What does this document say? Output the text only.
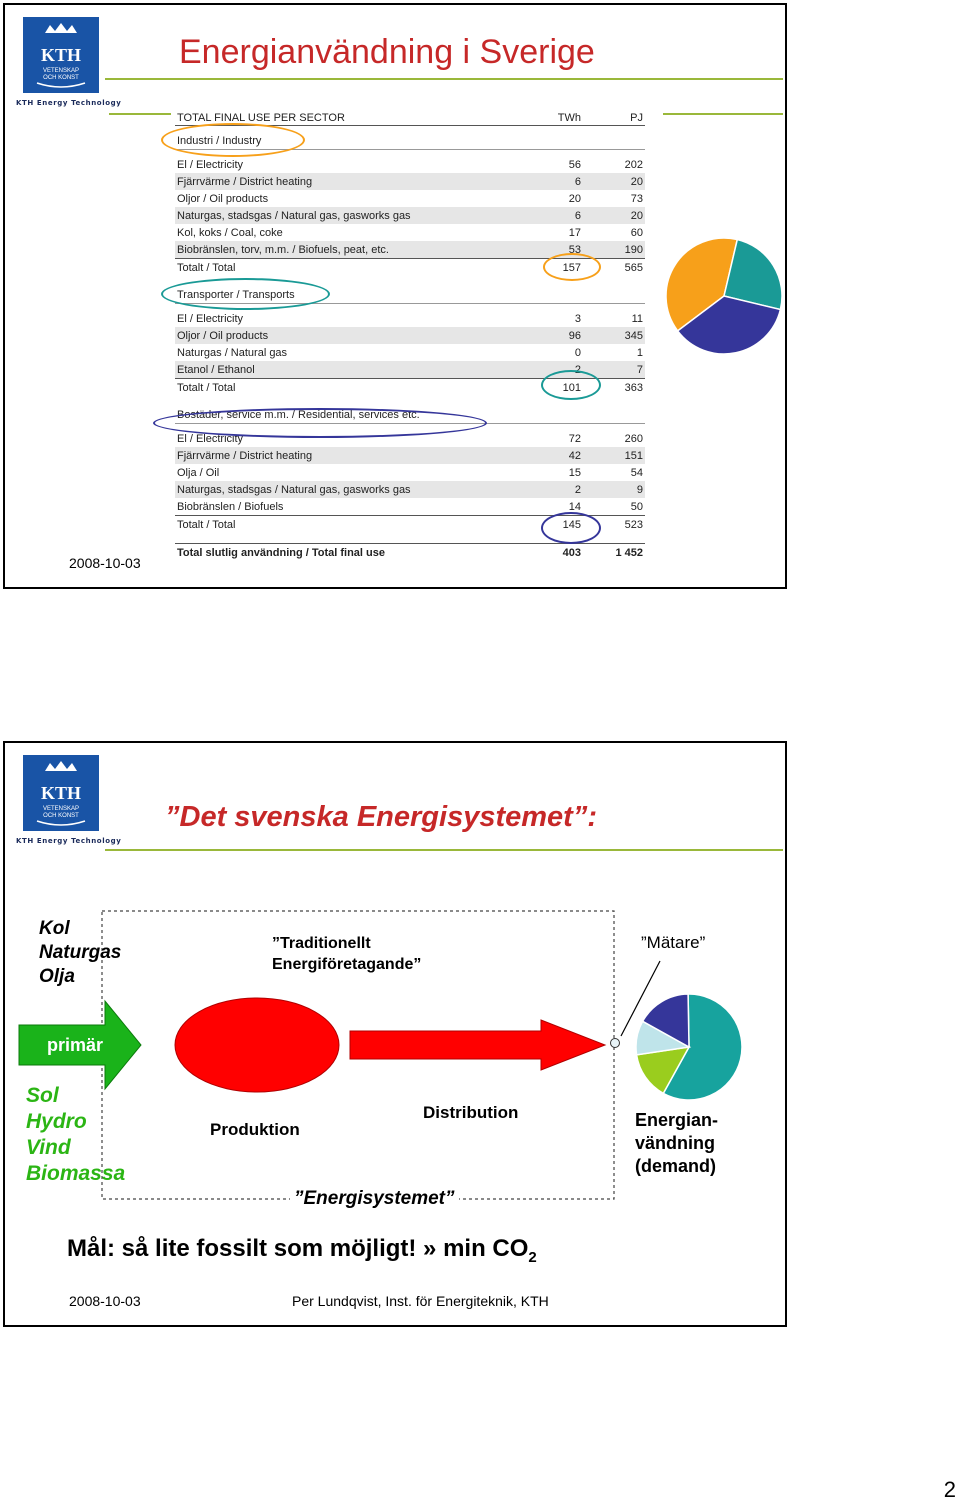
KTH
VETENSKAP
OCH KONST
KTH Energy Technology
Energianvändning i Sverige
TOTAL FINAL USE PER SECTOR	TWh	PJ

Industri / Industry		

El / Electricity	56	202
Fjärrvärme / District heating	6	20
Oljor / Oil products	20	73
Naturgas, stadsgas / Natural gas, gasworks gas	6	20
Kol, koks / Coal, coke	17	60
Biobränslen, torv, m.m. / Biofuels, peat, etc.	53	190
Totalt / Total	157	565

Transporter / Transports		

El / Electricity	3	11
Oljor / Oil products	96	345
Naturgas / Natural gas	0	1
Etanol / Ethanol	2	7
Totalt / Total	101	363

Bostäder, service m.m. / Residential, services etc.		

El / Electricity	72	260
Fjärrvärme / District heating	42	151
Olja / Oil	15	54
Naturgas, stadsgas / Natural gas, gasworks gas	2	9
Biobränslen / Biofuels	14	50
Totalt / Total	145	523

Total slutlig användning / Total final use	403	1 452
2008-10-03
KTH
VETENSKAP
OCH KONST
KTH Energy Technology
”Det svenska Energisystemet”:
Kol
Naturgas
Olja
primär
Sol
Hydro
Vind
Biomassa
”Traditionellt
Energiföretagande”
”Mätare”
Produktion
Distribution
”Energisystemet”
Energian-
vändning
(demand)
Mål: så lite fossilt som möjligt! » $\min CO_2$
2008-10-03	Per Lundqvist, Inst. för Energiteknik, KTH
2
